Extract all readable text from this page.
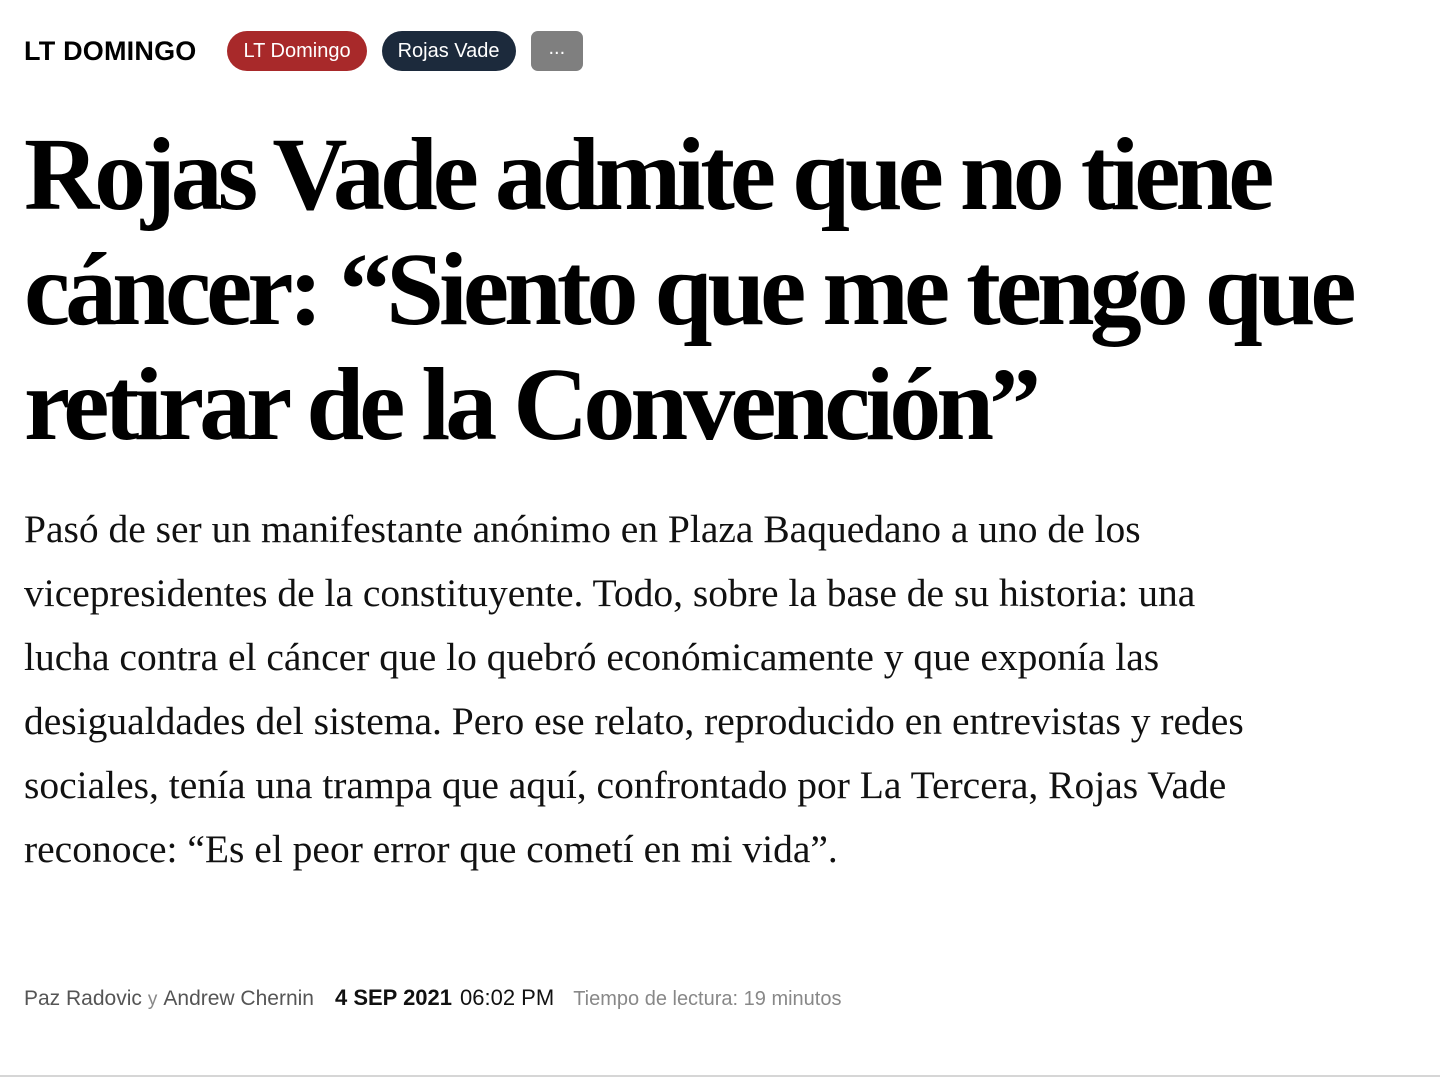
LT DOMINGO	LT Domingo	Rojas Vade	...
Rojas Vade admite que no tiene cáncer: “Siento que me tengo que retirar de la Convención”

Pasó de ser un manifestante anónimo en Plaza Baquedano a uno de los vicepresidentes de la constituyente. Todo, sobre la base de su historia: una lucha contra el cáncer que lo quebró económicamente y que exponía las desigualdades del sistema. Pero ese relato, reproducido en entrevistas y redes sociales, tenía una trampa que aquí, confrontado por La Tercera, Rojas Vade reconoce: “Es el peor error que cometí en mi vida”.

Paz Radovic y Andrew Chernin 4 SEP 2021 06:02 PM Tiempo de lectura: 19 minutos
